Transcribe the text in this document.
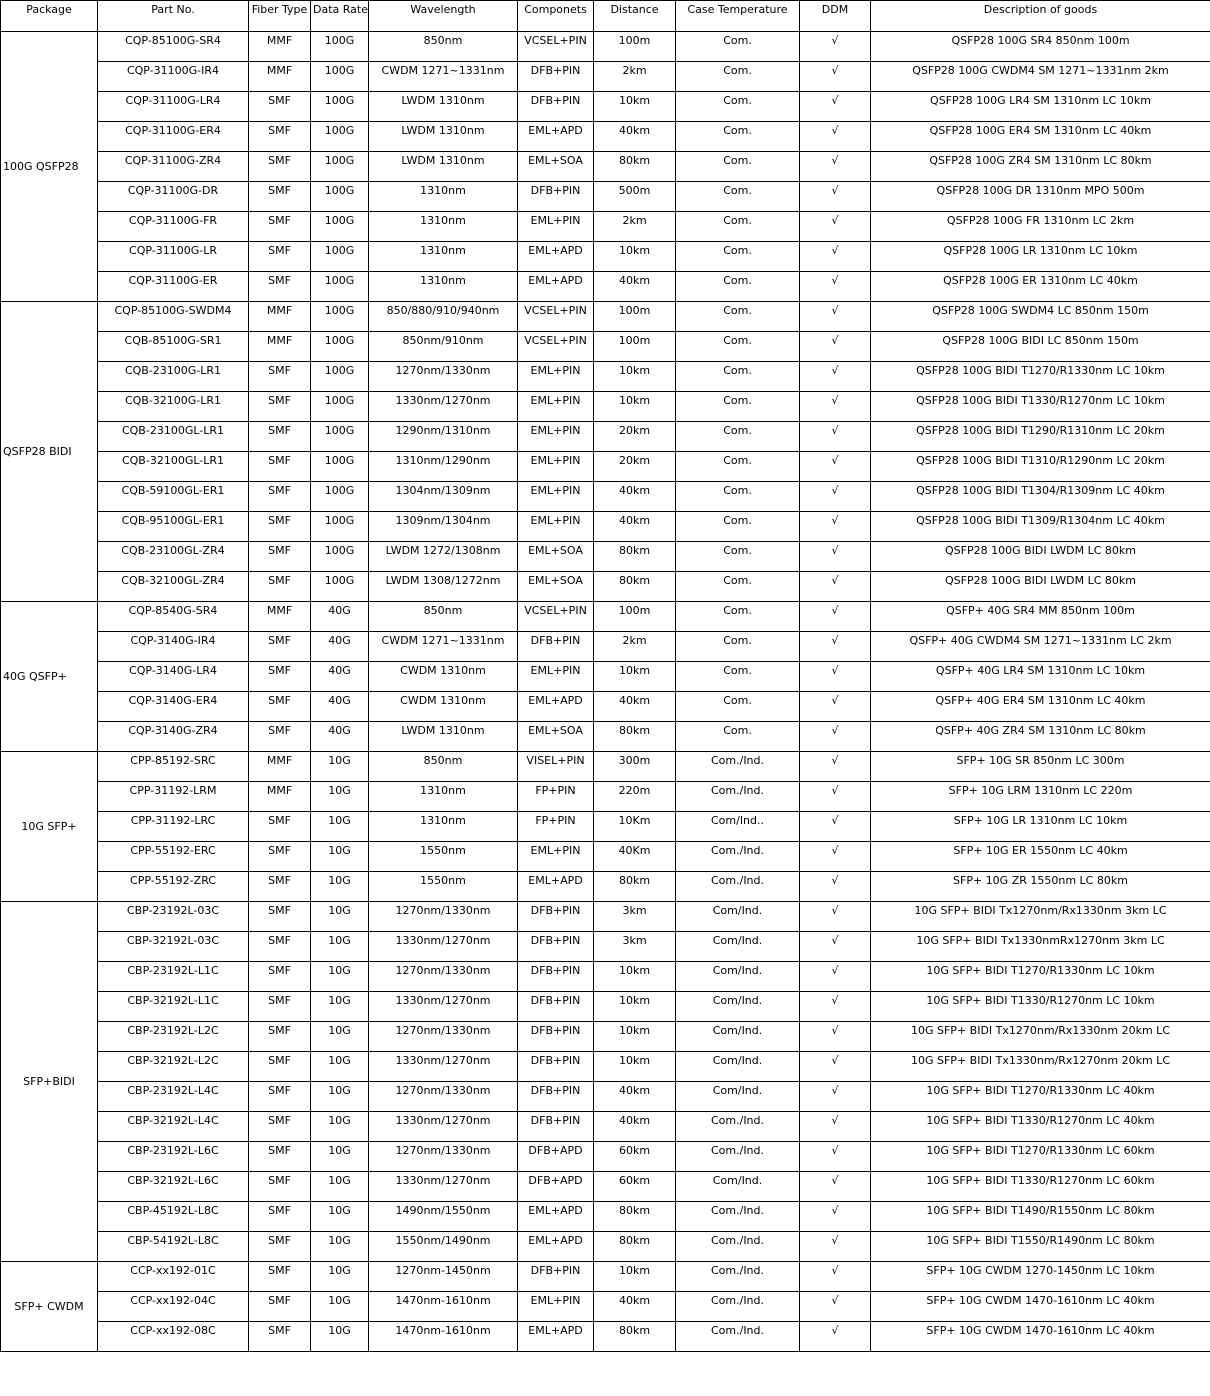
Package	Part No.	Fiber Type	Data Rate	Wavelength	Componets	Distance	Case Temperature	DDM	Description of goods
100G QSFP28	CQP-85100G-SR4	MMF	100G	850nm	VCSEL+PIN	100m	Com.	√	QSFP28 100G SR4 850nm 100m
	CQP-31100G-IR4	MMF	100G	CWDM 1271~1331nm	DFB+PIN	2km	Com.	√	QSFP28 100G CWDM4 SM 1271~1331nm 2km
	CQP-31100G-LR4	SMF	100G	LWDM 1310nm	DFB+PIN	10km	Com.	√	QSFP28 100G LR4 SM 1310nm LC 10km
	CQP-31100G-ER4	SMF	100G	LWDM 1310nm	EML+APD	40km	Com.	√	QSFP28 100G ER4 SM 1310nm LC 40km
	CQP-31100G-ZR4	SMF	100G	LWDM 1310nm	EML+SOA	80km	Com.	√	QSFP28 100G ZR4 SM 1310nm LC 80km
	CQP-31100G-DR	SMF	100G	1310nm	DFB+PIN	500m	Com.	√	QSFP28 100G DR 1310nm MPO 500m
	CQP-31100G-FR	SMF	100G	1310nm	EML+PIN	2km	Com.	√	QSFP28 100G FR 1310nm LC 2km
	CQP-31100G-LR	SMF	100G	1310nm	EML+APD	10km	Com.	√	QSFP28 100G LR 1310nm LC 10km
	CQP-31100G-ER	SMF	100G	1310nm	EML+APD	40km	Com.	√	QSFP28 100G ER 1310nm LC 40km
QSFP28 BIDI	CQP-85100G-SWDM4	MMF	100G	850/880/910/940nm	VCSEL+PIN	100m	Com.	√	QSFP28 100G SWDM4 LC 850nm 150m
	CQB-85100G-SR1	MMF	100G	850nm/910nm	VCSEL+PIN	100m	Com.	√	QSFP28 100G BIDI LC 850nm 150m
	CQB-23100G-LR1	SMF	100G	1270nm/1330nm	EML+PIN	10km	Com.	√	QSFP28 100G BIDI T1270/R1330nm LC 10km
	CQB-32100G-LR1	SMF	100G	1330nm/1270nm	EML+PIN	10km	Com.	√	QSFP28 100G BIDI T1330/R1270nm LC 10km
	CQB-23100GL-LR1	SMF	100G	1290nm/1310nm	EML+PIN	20km	Com.	√	QSFP28 100G BIDI T1290/R1310nm LC 20km
	CQB-32100GL-LR1	SMF	100G	1310nm/1290nm	EML+PIN	20km	Com.	√	QSFP28 100G BIDI T1310/R1290nm LC 20km
	CQB-59100GL-ER1	SMF	100G	1304nm/1309nm	EML+PIN	40km	Com.	√	QSFP28 100G BIDI T1304/R1309nm LC 40km
	CQB-95100GL-ER1	SMF	100G	1309nm/1304nm	EML+PIN	40km	Com.	√	QSFP28 100G BIDI T1309/R1304nm LC 40km
	CQB-23100GL-ZR4	SMF	100G	LWDM 1272/1308nm	EML+SOA	80km	Com.	√	QSFP28 100G BIDI LWDM LC 80km
	CQB-32100GL-ZR4	SMF	100G	LWDM 1308/1272nm	EML+SOA	80km	Com.	√	QSFP28 100G BIDI LWDM LC 80km
40G QSFP+	CQP-8540G-SR4	MMF	40G	850nm	VCSEL+PIN	100m	Com.	√	QSFP+ 40G SR4 MM 850nm 100m
	CQP-3140G-IR4	SMF	40G	CWDM 1271~1331nm	DFB+PIN	2km	Com.	√	QSFP+ 40G CWDM4 SM 1271~1331nm LC 2km
	CQP-3140G-LR4	SMF	40G	CWDM 1310nm	EML+PIN	10km	Com.	√	QSFP+ 40G LR4 SM 1310nm LC 10km
	CQP-3140G-ER4	SMF	40G	CWDM 1310nm	EML+APD	40km	Com.	√	QSFP+ 40G ER4 SM 1310nm LC 40km
	CQP-3140G-ZR4	SMF	40G	LWDM 1310nm	EML+SOA	80km	Com.	√	QSFP+ 40G ZR4 SM 1310nm LC 80km
10G SFP+	CPP-85192-SRC	MMF	10G	850nm	VISEL+PIN	300m	Com./Ind.	√	SFP+ 10G SR 850nm LC 300m
	CPP-31192-LRM	MMF	10G	1310nm	FP+PIN	220m	Com./Ind.	√	SFP+ 10G LRM 1310nm LC 220m
	CPP-31192-LRC	SMF	10G	1310nm	FP+PIN	10Km	Com/Ind..	√	SFP+ 10G LR 1310nm LC 10km
	CPP-55192-ERC	SMF	10G	1550nm	EML+PIN	40Km	Com./Ind.	√	SFP+ 10G ER 1550nm LC 40km
	CPP-55192-ZRC	SMF	10G	1550nm	EML+APD	80km	Com./Ind.	√	SFP+ 10G ZR 1550nm LC 80km
SFP+BIDI	CBP-23192L-03C	SMF	10G	1270nm/1330nm	DFB+PIN	3km	Com/Ind.	√	10G SFP+ BIDI Tx1270nm/Rx1330nm 3km LC
	CBP-32192L-03C	SMF	10G	1330nm/1270nm	DFB+PIN	3km	Com/Ind.	√	10G SFP+ BIDI Tx1330nmRx1270nm 3km LC
	CBP-23192L-L1C	SMF	10G	1270nm/1330nm	DFB+PIN	10km	Com/Ind.	√	10G SFP+ BIDI T1270/R1330nm LC 10km
	CBP-32192L-L1C	SMF	10G	1330nm/1270nm	DFB+PIN	10km	Com/Ind.	√	10G SFP+ BIDI T1330/R1270nm LC 10km
	CBP-23192L-L2C	SMF	10G	1270nm/1330nm	DFB+PIN	10km	Com/Ind.	√	10G SFP+ BIDI Tx1270nm/Rx1330nm 20km LC
	CBP-32192L-L2C	SMF	10G	1330nm/1270nm	DFB+PIN	10km	Com/Ind.	√	10G SFP+ BIDI Tx1330nm/Rx1270nm 20km LC
	CBP-23192L-L4C	SMF	10G	1270nm/1330nm	DFB+PIN	40km	Com/Ind.	√	10G SFP+ BIDI T1270/R1330nm LC 40km
	CBP-32192L-L4C	SMF	10G	1330nm/1270nm	DFB+PIN	40km	Com./Ind.	√	10G SFP+ BIDI T1330/R1270nm LC 40km
	CBP-23192L-L6C	SMF	10G	1270nm/1330nm	DFB+APD	60km	Com./Ind.	√	10G SFP+ BIDI T1270/R1330nm LC 60km
	CBP-32192L-L6C	SMF	10G	1330nm/1270nm	DFB+APD	60km	Com/Ind.	√	10G SFP+ BIDI T1330/R1270nm LC 60km
	CBP-45192L-L8C	SMF	10G	1490nm/1550nm	EML+APD	80km	Com./Ind.	√	10G SFP+ BIDI T1490/R1550nm LC 80km
	CBP-54192L-L8C	SMF	10G	1550nm/1490nm	EML+APD	80km	Com./Ind.	√	10G SFP+ BIDI T1550/R1490nm LC 80km
SFP+ CWDM	CCP-xx192-01C	SMF	10G	1270nm-1450nm	DFB+PIN	10km	Com./Ind.	√	SFP+ 10G CWDM 1270-1450nm LC 10km
	CCP-xx192-04C	SMF	10G	1470nm-1610nm	EML+PIN	40km	Com./Ind.	√	SFP+ 10G CWDM 1470-1610nm LC 40km
	CCP-xx192-08C	SMF	10G	1470nm-1610nm	EML+APD	80km	Com./Ind.	√	SFP+ 10G CWDM 1470-1610nm LC 40km
